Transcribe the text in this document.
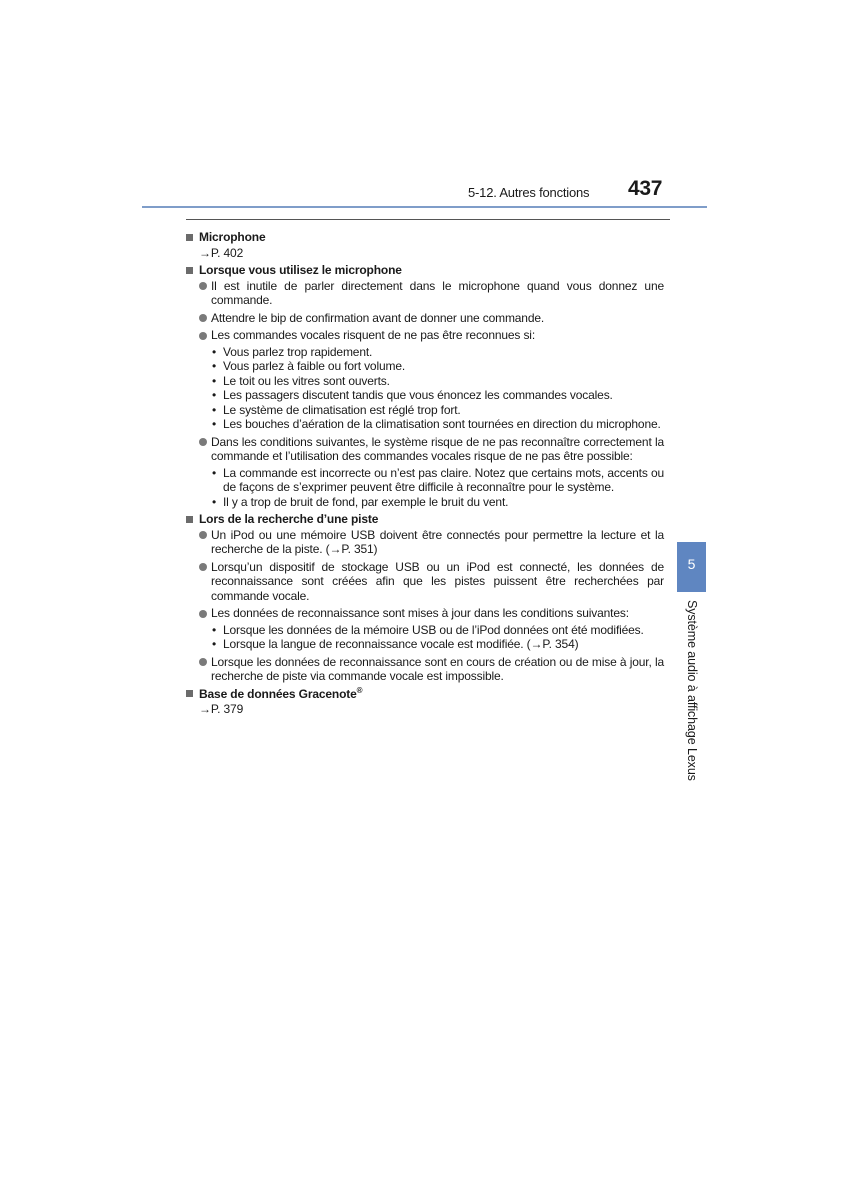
5-12. Autres fonctions 437
5
Système audio à affichage Lexus
Microphone
→P. 402
Lorsque vous utilisez le microphone
Il est inutile de parler directement dans le microphone quand vous donnez une commande.
Attendre le bip de confirmation avant de donner une commande.
Les commandes vocales risquent de ne pas être reconnues si:
• Vous parlez trop rapidement.
• Vous parlez à faible ou fort volume.
• Le toit ou les vitres sont ouverts.
• Les passagers discutent tandis que vous énoncez les commandes vocales.
• Le système de climatisation est réglé trop fort.
• Les bouches d’aération de la climatisation sont tournées en direction du microphone.
Dans les conditions suivantes, le système risque de ne pas reconnaître correctement la commande et l’utilisation des commandes vocales risque de ne pas être possible:
• La commande est incorrecte ou n’est pas claire. Notez que certains mots, accents ou de façons de s’exprimer peuvent être difficile à reconnaître pour le système.
• Il y a trop de bruit de fond, par exemple le bruit du vent.
Lors de la recherche d’une piste
Un iPod ou une mémoire USB doivent être connectés pour permettre la lecture et la recherche de la piste. (→P. 351)
Lorsqu’un dispositif de stockage USB ou un iPod est connecté, les données de reconnaissance sont créées afin que les pistes puissent être recherchées par commande vocale.
Les données de reconnaissance sont mises à jour dans les conditions suivantes:
• Lorsque les données de la mémoire USB ou de l’iPod données ont été modifiées.
• Lorsque la langue de reconnaissance vocale est modifiée. (→P. 354)
Lorsque les données de reconnaissance sont en cours de création ou de mise à jour, la recherche de piste via commande vocale est impossible.
Base de données Gracenote®
→P. 379
